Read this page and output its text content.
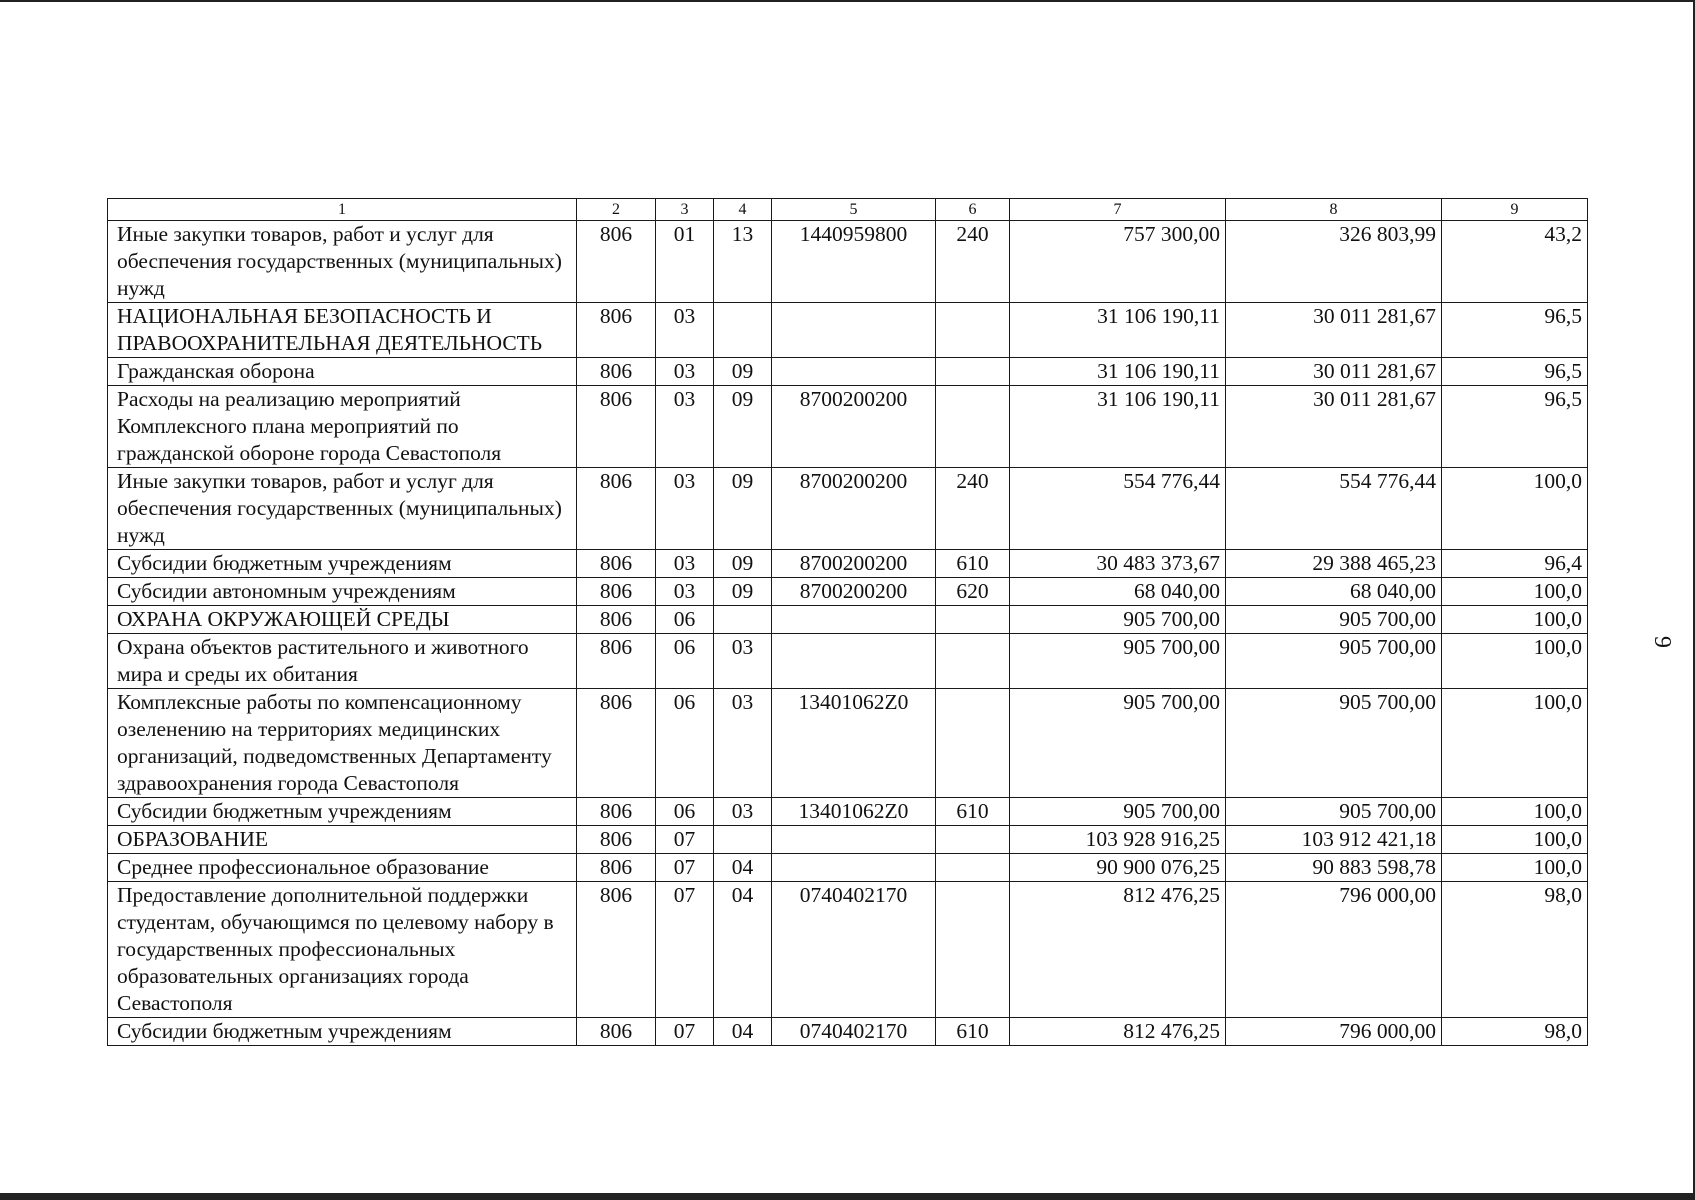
9
1	2	3	4	5	6	7	8	9
Иные закупки товаров, работ и услуг для обеспечения государственных (муниципальных) нужд	806	01	13	1440959800	240	757 300,00	326 803,99	43,2
НАЦИОНАЛЬНАЯ БЕЗОПАСНОСТЬ И ПРАВООХРАНИТЕЛЬНАЯ ДЕЯТЕЛЬНОСТЬ	806	03				31 106 190,11	30 011 281,67	96,5
Гражданская оборона	806	03	09			31 106 190,11	30 011 281,67	96,5
Расходы на реализацию мероприятий Комплексного плана мероприятий по гражданской обороне города Севастополя	806	03	09	8700200200		31 106 190,11	30 011 281,67	96,5
Иные закупки товаров, работ и услуг для обеспечения государственных (муниципальных) нужд	806	03	09	8700200200	240	554 776,44	554 776,44	100,0
Субсидии бюджетным учреждениям	806	03	09	8700200200	610	30 483 373,67	29 388 465,23	96,4
Субсидии автономным учреждениям	806	03	09	8700200200	620	68 040,00	68 040,00	100,0
ОХРАНА ОКРУЖАЮЩЕЙ СРЕДЫ	806	06				905 700,00	905 700,00	100,0
Охрана объектов растительного и животного мира и среды их обитания	806	06	03			905 700,00	905 700,00	100,0
Комплексные работы по компенсационному озеленению на территориях медицинских организаций, подведомственных Департаменту здравоохранения города Севастополя	806	06	03	13401062Z0		905 700,00	905 700,00	100,0
Субсидии бюджетным учреждениям	806	06	03	13401062Z0	610	905 700,00	905 700,00	100,0
ОБРАЗОВАНИЕ	806	07				103 928 916,25	103 912 421,18	100,0
Среднее профессиональное образование	806	07	04			90 900 076,25	90 883 598,78	100,0
Предоставление дополнительной поддержки студентам, обучающимся по целевому набору в государственных профессиональных образовательных организациях города Севастополя	806	07	04	0740402170		812 476,25	796 000,00	98,0
Субсидии бюджетным учреждениям	806	07	04	0740402170	610	812 476,25	796 000,00	98,0
